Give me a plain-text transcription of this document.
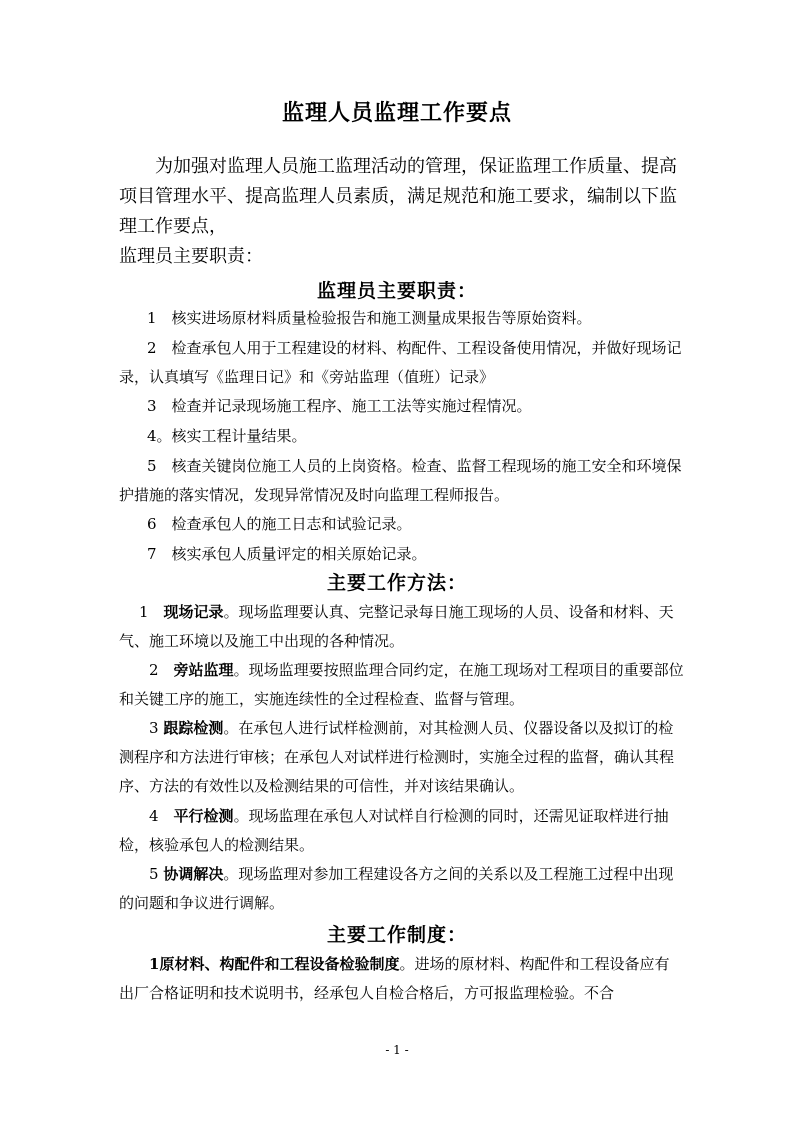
监理人员监理工作要点

为加强对监理人员施工监理活动的管理，保证监理工作质量、提高项目管理水平、提高监理人员素质，满足规范和施工要求，编制以下监理工作要点，

监理员主要职责：

监理员主要职责：

1　核实进场原材料质量检验报告和施工测量成果报告等原始资料。

2　检查承包人用于工程建设的材料、构配件、工程设备使用情况，并做好现场记录，认真填写《监理日记》和《旁站监理（值班）记录》

3　检查并记录现场施工程序、施工工法等实施过程情况。

4。核实工程计量结果。

5　核查关键岗位施工人员的上岗资格。检查、监督工程现场的施工安全和环境保护措施的落实情况，发现异常情况及时向监理工程师报告。

6　检查承包人的施工日志和试验记录。

7　核实承包人质量评定的相关原始记录。

主要工作方法：

1　现场记录。现场监理要认真、完整记录每日施工现场的人员、设备和材料、天气、施工环境以及施工中出现的各种情况。

2　旁站监理。现场监理要按照监理合同约定，在施工现场对工程项目的重要部位和关键工序的施工，实施连续性的全过程检查、监督与管理。

3 跟踪检测。在承包人进行试样检测前，对其检测人员、仪器设备以及拟订的检测程序和方法进行审核；在承包人对试样进行检测时，实施全过程的监督，确认其程序、方法的有效性以及检测结果的可信性，并对该结果确认。

4　平行检测。现场监理在承包人对试样自行检测的同时，还需见证取样进行抽检，核验承包人的检测结果。

5 协调解决。现场监理对参加工程建设各方之间的关系以及工程施工过程中出现的问题和争议进行调解。

主要工作制度：

1原材料、构配件和工程设备检验制度。进场的原材料、构配件和工程设备应有出厂合格证明和技术说明书，经承包人自检合格后，方可报监理检验。不合

- 1 -
